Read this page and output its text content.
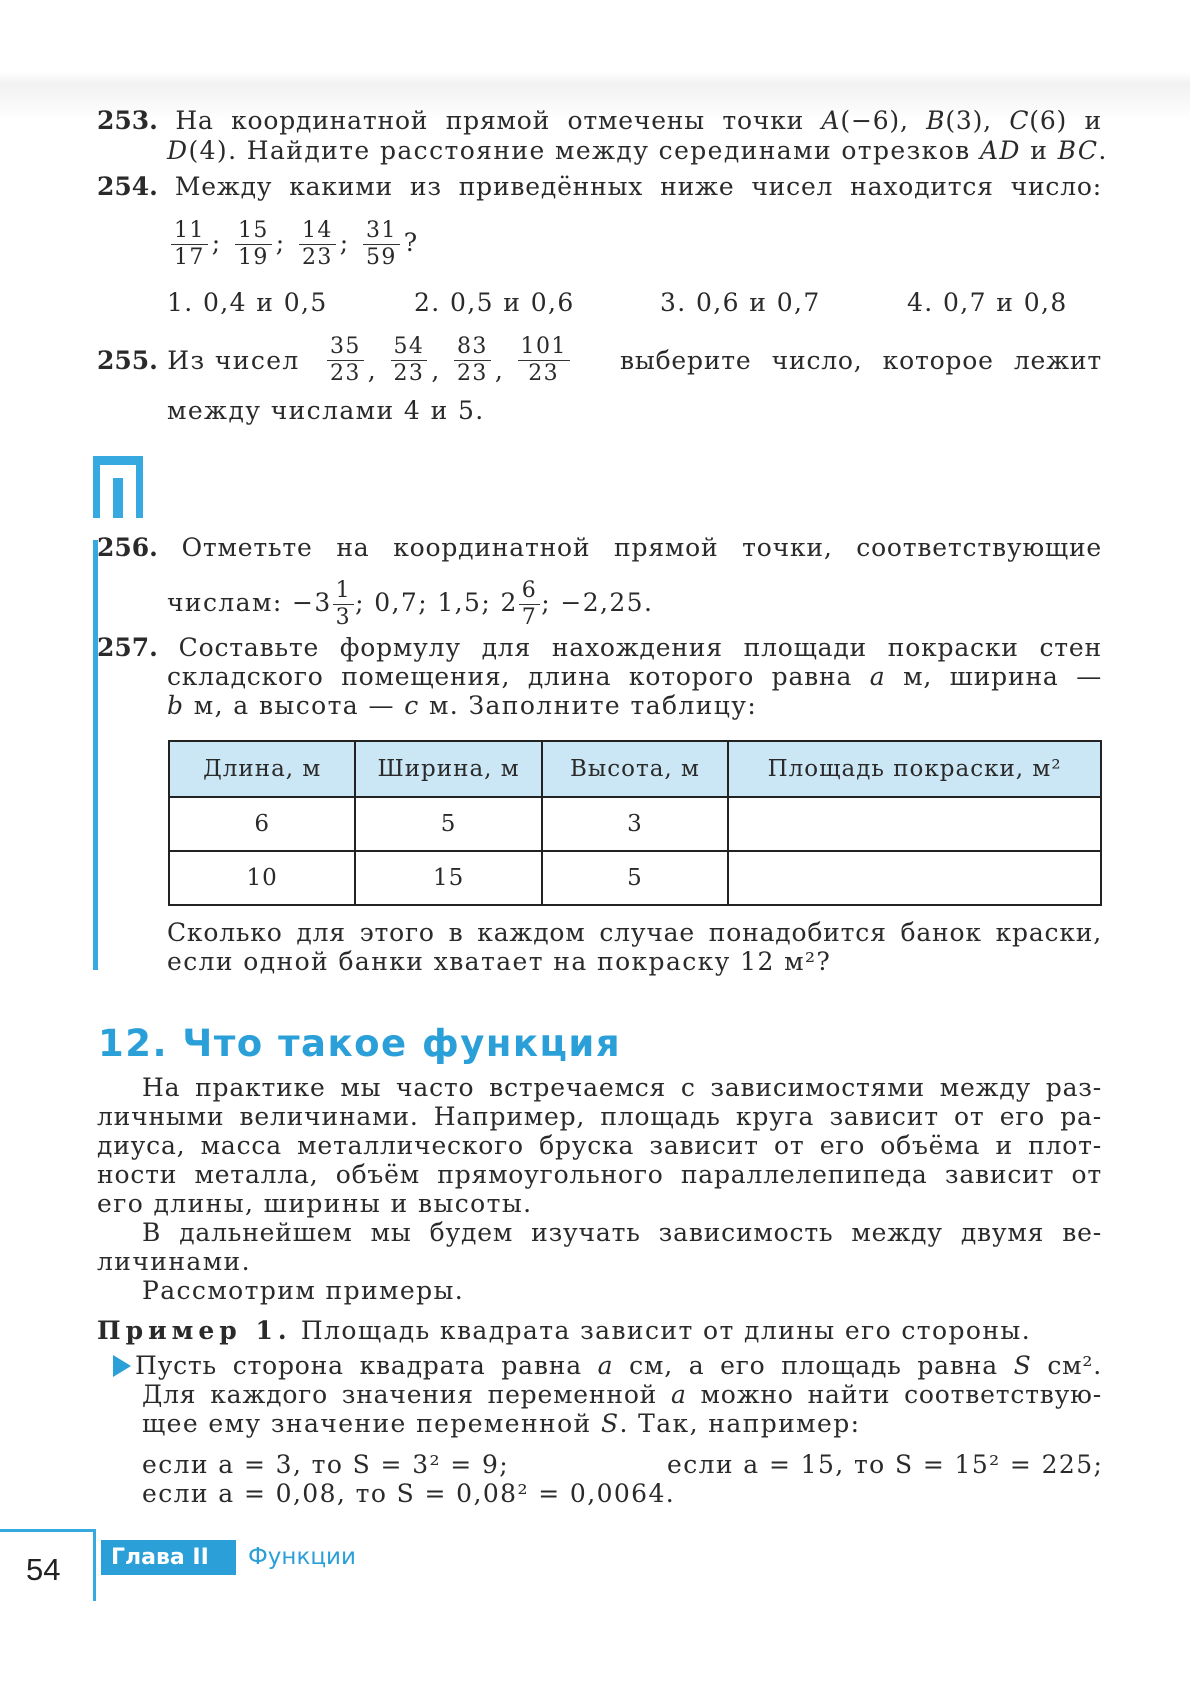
253. На координатной прямой отмечены точки A(−6), B(3), C(6) и
D(4). Найдите расстояние между серединами отрезков AD и BC.
254. Между какими из приведённых ниже чисел находится число:
$\frac{11}{17}$ ; $\frac{15}{19}$ ; $\frac{14}{23}$ ; $\frac{31}{59}$ ?
1. 0,4 и 0,5	2. 0,5 и 0,6	3. 0,6 и 0,7	4. 0,7 и 0,8
255. Из чисел $\frac{35}{23}$ , $\frac{54}{23}$ , $\frac{83}{23}$ , $\frac{101}{23}$ выберите число, которое лежит
между числами 4 и 5.
256. Отметьте на координатной прямой точки, соответствующие
числам: $-3 \frac{1}{3}$ ; 0,7; 1,5; $2 \frac{6}{7}$ ; −2,25.
257. Составьте формулу для нахождения площади покраски стен
складского помещения, длина которого равна a м, ширина —
b м, а высота — c м. Заполните таблицу:
Длина, м	Ширина, м	Высота, м	Площадь покраски, м²
6	5	3	
10	15	5	
Сколько для этого в каждом случае понадобится банок краски,
если одной банки хватает на покраску 12 м²?
12. Что такое функция
На практике мы часто встречаемся с зависимостями между раз-
личными величинами. Например, площадь круга зависит от его ра-
диуса, масса металлического бруска зависит от его объёма и плот-
ности металла, объём прямоугольного параллелепипеда зависит от
его длины, ширины и высоты.
В дальнейшем мы будем изучать зависимость между двумя ве-
личинами.
Рассмотрим примеры.
Пример 1. Площадь квадрата зависит от длины его стороны.
Пусть сторона квадрата равна a см, а его площадь равна S см².
Для каждого значения переменной a можно найти соответствую-
щее ему значение переменной S. Так, например:
если a = 3, то S = 3² = 9;	если a = 15, то S = 15² = 225;
если a = 0,08, то S = 0,08² = 0,0064.
54	Глава II	Функции
